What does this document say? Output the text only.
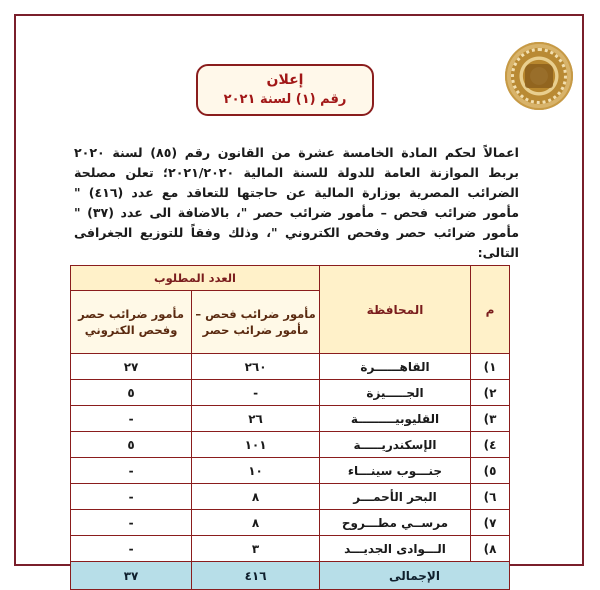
إعلان
رقم (١) لسنة ٢٠٢١
اعمالاً لحكم المادة الخامسة عشرة من القانون رقم (٨٥) لسنة ٢٠٢٠ بربط الموازنة العامة للدولة للسنة المالية ٢٠٢١/٢٠٢٠؛ تعلن مصلحة الضرائب المصرية بوزارة المالية عن حاجتها للتعاقد مع عدد (٤١٦) " مأمور ضرائب فحص – مأمور ضرائب حصر "، بالاضافة الى عدد (٣٧) " مأمور ضرائب حصر وفحص الكتروني "، وذلك وفقاً للتوزيع الجغرافى التالى:
م	المحافظة	العدد المطلوب	
		مأمور ضرائب فحص – مأمور ضرائب حصر	مأمور ضرائب حصر وفحص الكتروني
١)	القاهــــــرة	٢٦٠	٢٧
٢)	الجـــــيزة	-	٥
٣)	القليوبيـــــــــة	٢٦	-
٤)	الإسكندريـــــة	١٠١	٥
٥)	جنـــوب سينـــاء	١٠	-
٦)	البحر الأحمـــر	٨	-
٧)	مرســي مطـــروح	٨	-
٨)	الـــوادى الجديـــد	٣	-
الإجمالى		٤١٦	٣٧
